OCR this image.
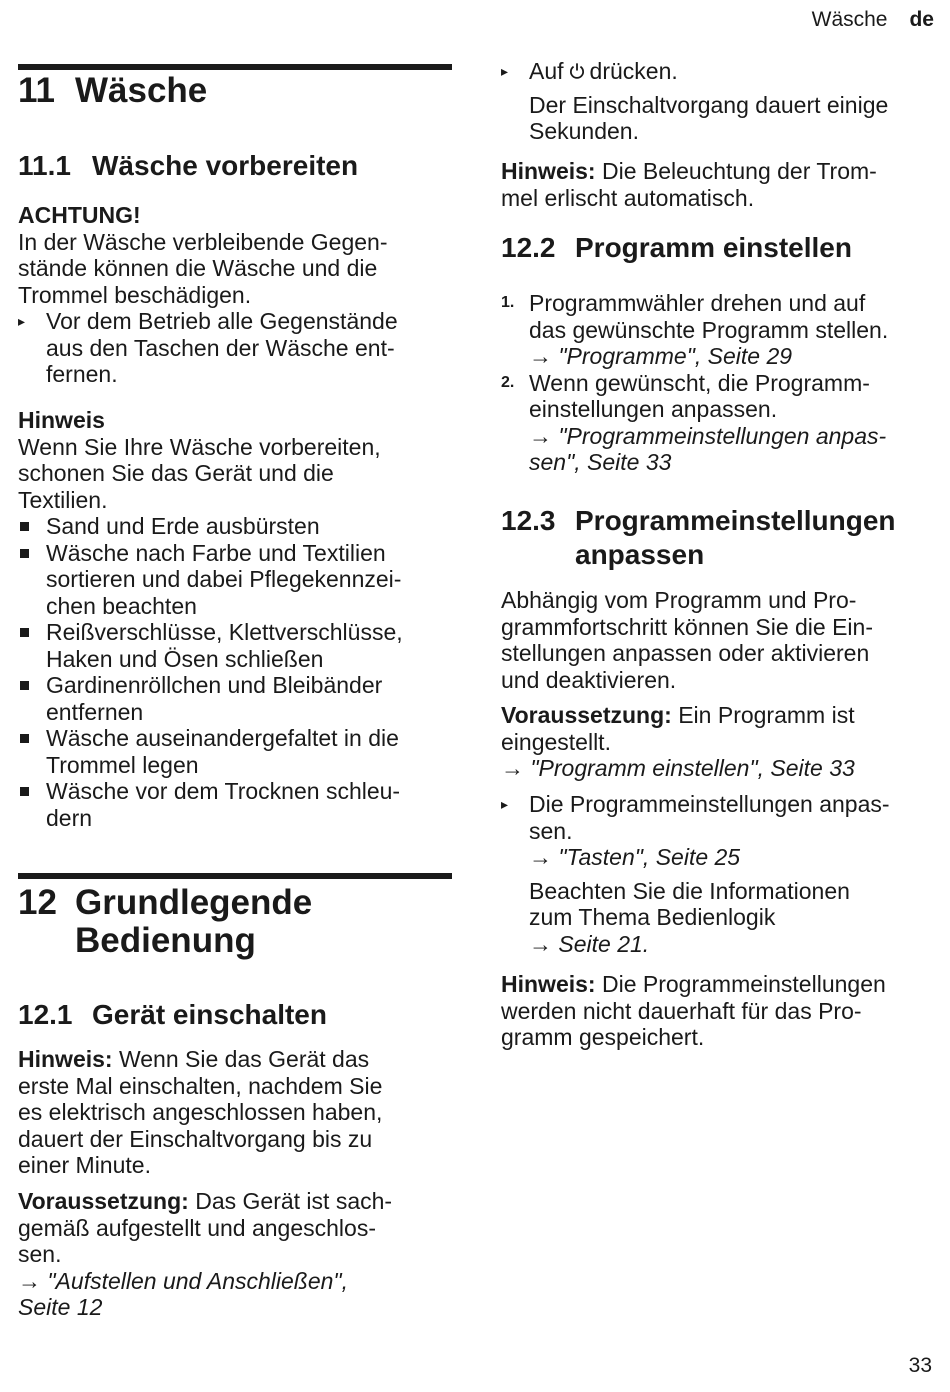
Wäsche de
11 Wäsche
11.1 Wäsche vorbereiten

ACHTUNG!

In der Wäsche verbleibende Gegen-
stände können die Wäsche und die
Trommel beschädigen.

▸ Vor dem Betrieb alle Gegenstände
aus den Taschen der Wäsche ent-
fernen.

Hinweis

Wenn Sie Ihre Wäsche vorbereiten,
schonen Sie das Gerät und die
Textilien.

Sand und Erde ausbürsten
Wäsche nach Farbe und Textilien
sortieren und dabei Pflegekennzei-
chen beachten
Reißverschlüsse, Klettverschlüsse,
Haken und Ösen schließen
Gardinenröllchen und Bleibänder
entfernen
Wäsche auseinandergefaltet in die
Trommel legen
Wäsche vor dem Trocknen schleu-
dern
12 Grundlegende
Bedienung
12.1 Gerät einschalten

Hinweis: Wenn Sie das Gerät das
erste Mal einschalten, nachdem Sie
es elektrisch angeschlossen haben,
dauert der Einschaltvorgang bis zu
einer Minute.

Voraussetzung: Das Gerät ist sach-
gemäß aufgestellt und angeschlos-
sen.

→ "Aufstellen und Anschließen",
Seite 12

▸ Auf drücken.

Der Einschaltvorgang dauert einige
Sekunden.

Hinweis: Die Beleuchtung der Trom-
mel erlischt automatisch.

12.2 Programm einstellen
1. Programmwähler drehen und auf
das gewünschte Programm stellen.
→ "Programme", Seite 29
2. Wenn gewünscht, die Programm-
einstellungen anpassen.
→ "Programmeinstellungen anpas-
sen", Seite 33
12.3 Programmeinstellungen
anpassen

Abhängig vom Programm und Pro-
grammfortschritt können Sie die Ein-
stellungen anpassen oder aktivieren
und deaktivieren.

Voraussetzung: Ein Programm ist
eingestellt.

→ "Programm einstellen", Seite 33

▸ Die Programmeinstellungen anpas-
sen.
→ "Tasten", Seite 25

Beachten Sie die Informationen
zum Thema Bedienlogik
→ Seite 21.

Hinweis: Die Programmeinstellungen
werden nicht dauerhaft für das Pro-
gramm gespeichert.

33
